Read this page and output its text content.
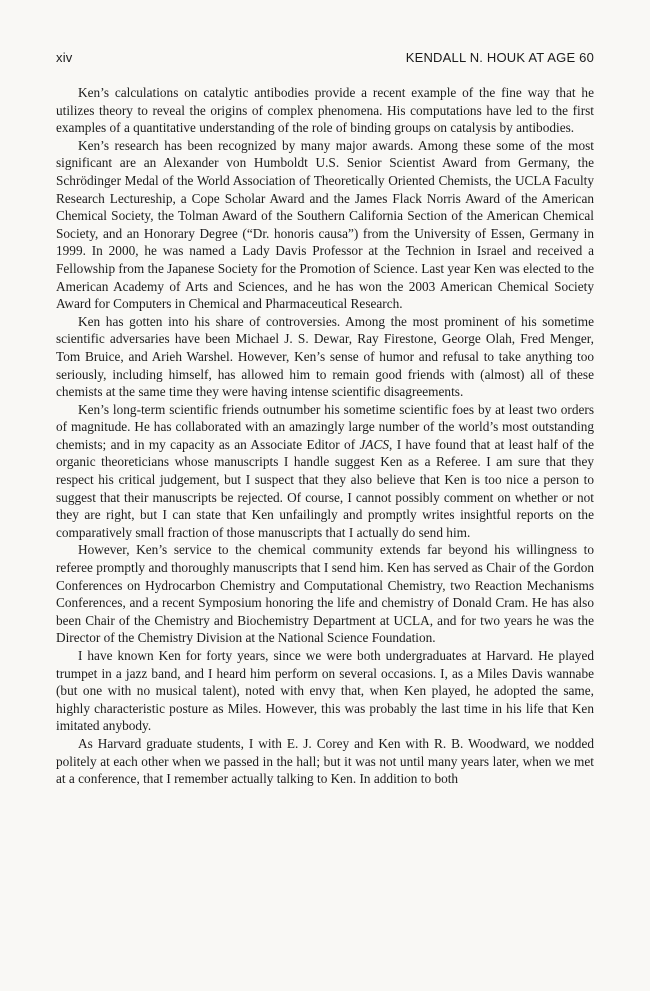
xiv	KENDALL N. HOUK AT AGE 60

Ken’s calculations on catalytic antibodies provide a recent example of the fine way that he utilizes theory to reveal the origins of complex phenomena. His computations have led to the first examples of a quantitative understanding of the role of binding groups on catalysis by antibodies.

Ken’s research has been recognized by many major awards. Among these some of the most significant are an Alexander von Humboldt U.S. Senior Scientist Award from Germany, the Schrödinger Medal of the World Association of Theoretically Oriented Chemists, the UCLA Faculty Research Lectureship, a Cope Scholar Award and the James Flack Norris Award of the American Chemical Society, the Tolman Award of the Southern California Section of the American Chemical Society, and an Honorary Degree (“Dr. honoris causa”) from the University of Essen, Germany in 1999. In 2000, he was named a Lady Davis Professor at the Technion in Israel and received a Fellowship from the Japanese Society for the Promotion of Science. Last year Ken was elected to the American Academy of Arts and Sciences, and he has won the 2003 American Chemical Society Award for Computers in Chemical and Pharmaceutical Research.

Ken has gotten into his share of controversies. Among the most prominent of his sometime scientific adversaries have been Michael J. S. Dewar, Ray Firestone, George Olah, Fred Menger, Tom Bruice, and Arieh Warshel. However, Ken’s sense of humor and refusal to take anything too seriously, including himself, has allowed him to remain good friends with (almost) all of these chemists at the same time they were having intense scientific disagreements.

Ken’s long-term scientific friends outnumber his sometime scientific foes by at least two orders of magnitude. He has collaborated with an amazingly large number of the world’s most outstanding chemists; and in my capacity as an Associate Editor of JACS, I have found that at least half of the organic theoreticians whose manuscripts I handle suggest Ken as a Referee. I am sure that they respect his critical judgement, but I suspect that they also believe that Ken is too nice a person to suggest that their manuscripts be rejected. Of course, I cannot possibly comment on whether or not they are right, but I can state that Ken unfailingly and promptly writes insightful reports on the comparatively small fraction of those manuscripts that I actually do send him.

However, Ken’s service to the chemical community extends far beyond his willingness to referee promptly and thoroughly manuscripts that I send him. Ken has served as Chair of the Gordon Conferences on Hydrocarbon Chemistry and Computational Chemistry, two Reaction Mechanisms Conferences, and a recent Symposium honoring the life and chemistry of Donald Cram. He has also been Chair of the Chemistry and Biochemistry Department at UCLA, and for two years he was the Director of the Chemistry Division at the National Science Foundation.

I have known Ken for forty years, since we were both undergraduates at Harvard. He played trumpet in a jazz band, and I heard him perform on several occasions. I, as a Miles Davis wannabe (but one with no musical talent), noted with envy that, when Ken played, he adopted the same, highly characteristic posture as Miles. However, this was probably the last time in his life that Ken imitated anybody.

As Harvard graduate students, I with E. J. Corey and Ken with R. B. Woodward, we nodded politely at each other when we passed in the hall; but it was not until many years later, when we met at a conference, that I remember actually talking to Ken. In addition to both
